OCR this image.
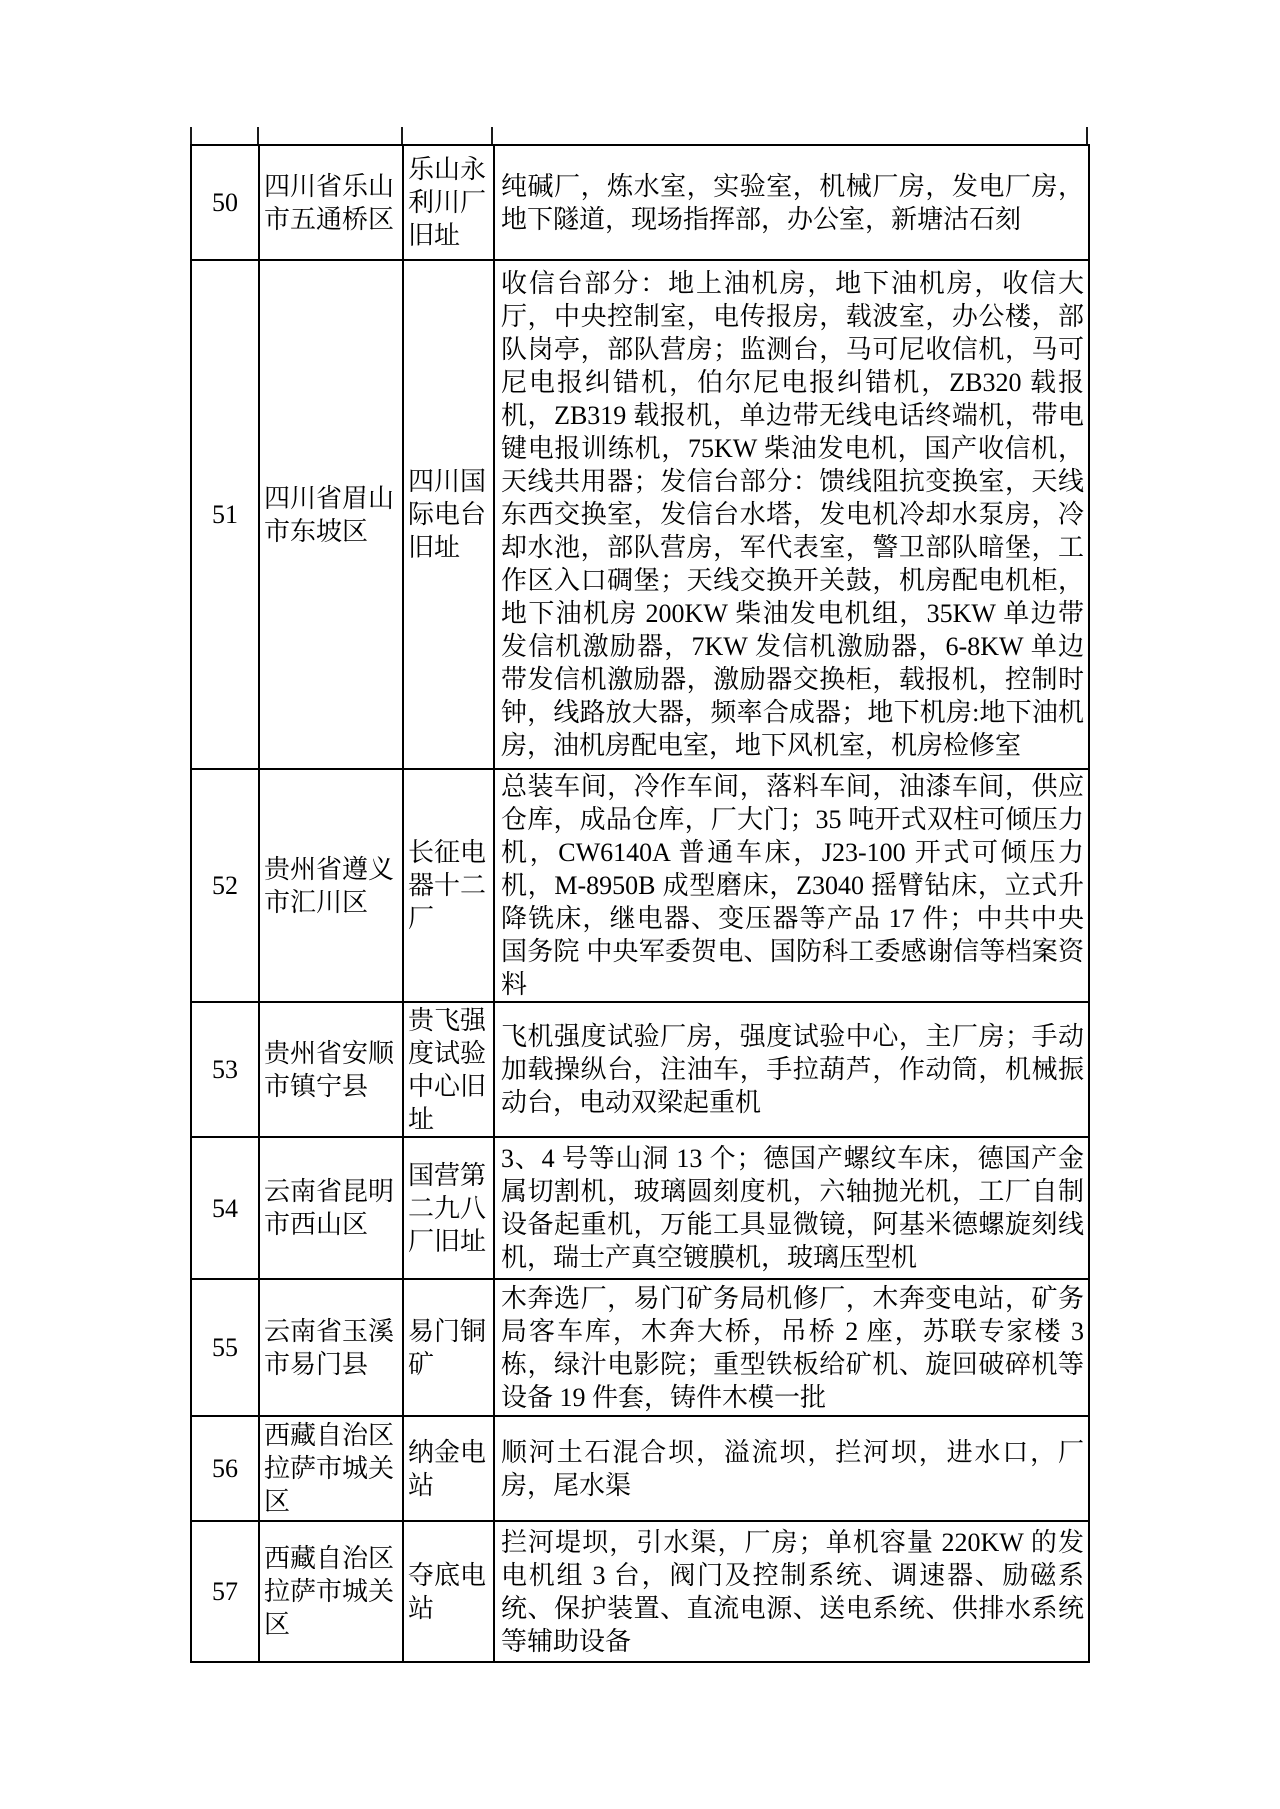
50	四川省乐山市五通桥区	乐山永利川厂旧址	纯碱厂，炼水室，实验室，机械厂房，发电厂房，地下隧道，现场指挥部，办公室，新塘沽石刻
51	四川省眉山市东坡区	四川国际电台旧址	收信台部分：地上油机房，地下油机房，收信大厅，中央控制室，电传报房，载波室，办公楼，部队岗亭，部队营房；监测台，马可尼收信机，马可尼电报纠错机，伯尔尼电报纠错机，ZB320 载报机，ZB319 载报机，单边带无线电话终端机，带电键电报训练机，75KW 柴油发电机，国产收信机，天线共用器；发信台部分：馈线阻抗变换室，天线东西交换室，发信台水塔，发电机冷却水泵房，冷却水池，部队营房，军代表室，警卫部队暗堡，工作区入口碉堡；天线交换开关鼓，机房配电机柜，地下油机房 200KW 柴油发电机组，35KW 单边带发信机激励器，7KW 发信机激励器，6-8KW 单边带发信机激励器，激励器交换柜，载报机，控制时钟，线路放大器，频率合成器；地下机房:地下油机房，油机房配电室，地下风机室，机房检修室
52	贵州省遵义市汇川区	长征电器十二厂	总装车间，冷作车间，落料车间，油漆车间，供应仓库，成品仓库，厂大门；35 吨开式双柱可倾压力机，CW6140A 普通车床，J23-100 开式可倾压力机，M-8950B 成型磨床，Z3040 摇臂钻床，立式升降铣床，继电器、变压器等产品 17 件；中共中央 国务院 中央军委贺电、国防科工委感谢信等档案资料
53	贵州省安顺市镇宁县	贵飞强度试验中心旧址	飞机强度试验厂房，强度试验中心，主厂房；手动加载操纵台，注油车，手拉葫芦，作动筒，机械振动台，电动双梁起重机
54	云南省昆明市西山区	国营第二九八厂旧址	3、4 号等山洞 13 个；德国产螺纹车床，德国产金属切割机，玻璃圆刻度机，六轴抛光机，工厂自制设备起重机，万能工具显微镜，阿基米德螺旋刻线机，瑞士产真空镀膜机，玻璃压型机
55	云南省玉溪市易门县	易门铜矿	木奔选厂，易门矿务局机修厂，木奔变电站，矿务局客车库，木奔大桥，吊桥 2 座，苏联专家楼 3 栋，绿汁电影院；重型铁板给矿机、旋回破碎机等设备 19 件套，铸件木模一批
56	西藏自治区拉萨市城关区	纳金电站	顺河土石混合坝，溢流坝，拦河坝，进水口，厂房，尾水渠
57	西藏自治区拉萨市城关区	夺底电站	拦河堤坝，引水渠，厂房；单机容量 220KW 的发电机组 3 台，阀门及控制系统、调速器、励磁系统、保护装置、直流电源、送电系统、供排水系统等辅助设备
